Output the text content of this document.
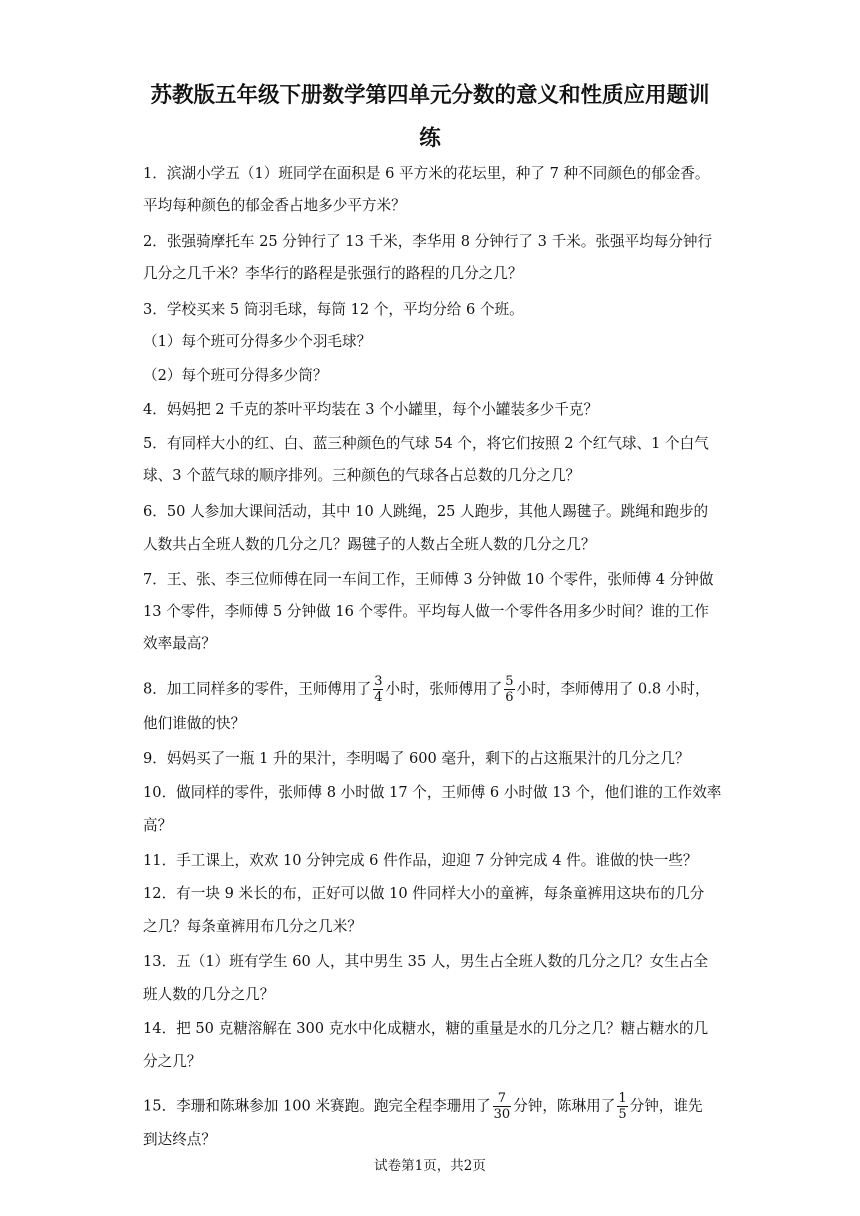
苏教版五年级下册数学第四单元分数的意义和性质应用题训
练
1．滨湖小学五（1）班同学在面积是 6 平方米的花坛里，种了 7 种不同颜色的郁金香。
平均每种颜色的郁金香占地多少平方米？
2．张强骑摩托车 25 分钟行了 13 千米，李华用 8 分钟行了 3 千米。张强平均每分钟行
几分之几千米？李华行的路程是张强行的路程的几分之几？
3．学校买来 5 筒羽毛球，每筒 12 个，平均分给 6 个班。
（1）每个班可分得多少个羽毛球？
（2）每个班可分得多少筒？
4．妈妈把 2 千克的茶叶平均装在 3 个小罐里，每个小罐装多少千克？
5．有同样大小的红、白、蓝三种颜色的气球 54 个，将它们按照 2 个红气球、1 个白气
球、3 个蓝气球的顺序排列。三种颜色的气球各占总数的几分之几？
6．50 人参加大课间活动，其中 10 人跳绳，25 人跑步，其他人踢毽子。跳绳和跑步的
人数共占全班人数的几分之几？踢毽子的人数占全班人数的几分之几？
7．王、张、李三位师傅在同一车间工作，王师傅 3 分钟做 10 个零件，张师傅 4 分钟做
13 个零件，李师傅 5 分钟做 16 个零件。平均每人做一个零件各用多少时间？谁的工作
效率最高？
8．加工同样多的零件，王师傅用了 $\frac{3}{4}$ 小时，张师傅用了 $\frac{5}{6}$ 小时，李师傅用了 0.8 小时，
他们谁做的快？
9．妈妈买了一瓶 1 升的果汁，李明喝了 600 毫升，剩下的占这瓶果汁的几分之几？
10．做同样的零件，张师傅 8 小时做 17 个，王师傅 6 小时做 13 个，他们谁的工作效率
高？
11．手工课上，欢欢 10 分钟完成 6 件作品，迎迎 7 分钟完成 4 件。谁做的快一些？
12．有一块 9 米长的布，正好可以做 10 件同样大小的童裤，每条童裤用这块布的几分
之几？每条童裤用布几分之几米？
13．五（1）班有学生 60 人，其中男生 35 人，男生占全班人数的几分之几？女生占全
班人数的几分之几？
14．把 50 克糖溶解在 300 克水中化成糖水，糖的重量是水的几分之几？糖占糖水的几
分之几？
15．李珊和陈琳参加 100 米赛跑。跑完全程李珊用了 $\frac{7}{30}$ 分钟，陈琳用了 $\frac{1}{5}$ 分钟，谁先
到达终点？
试卷第1页，共2页
